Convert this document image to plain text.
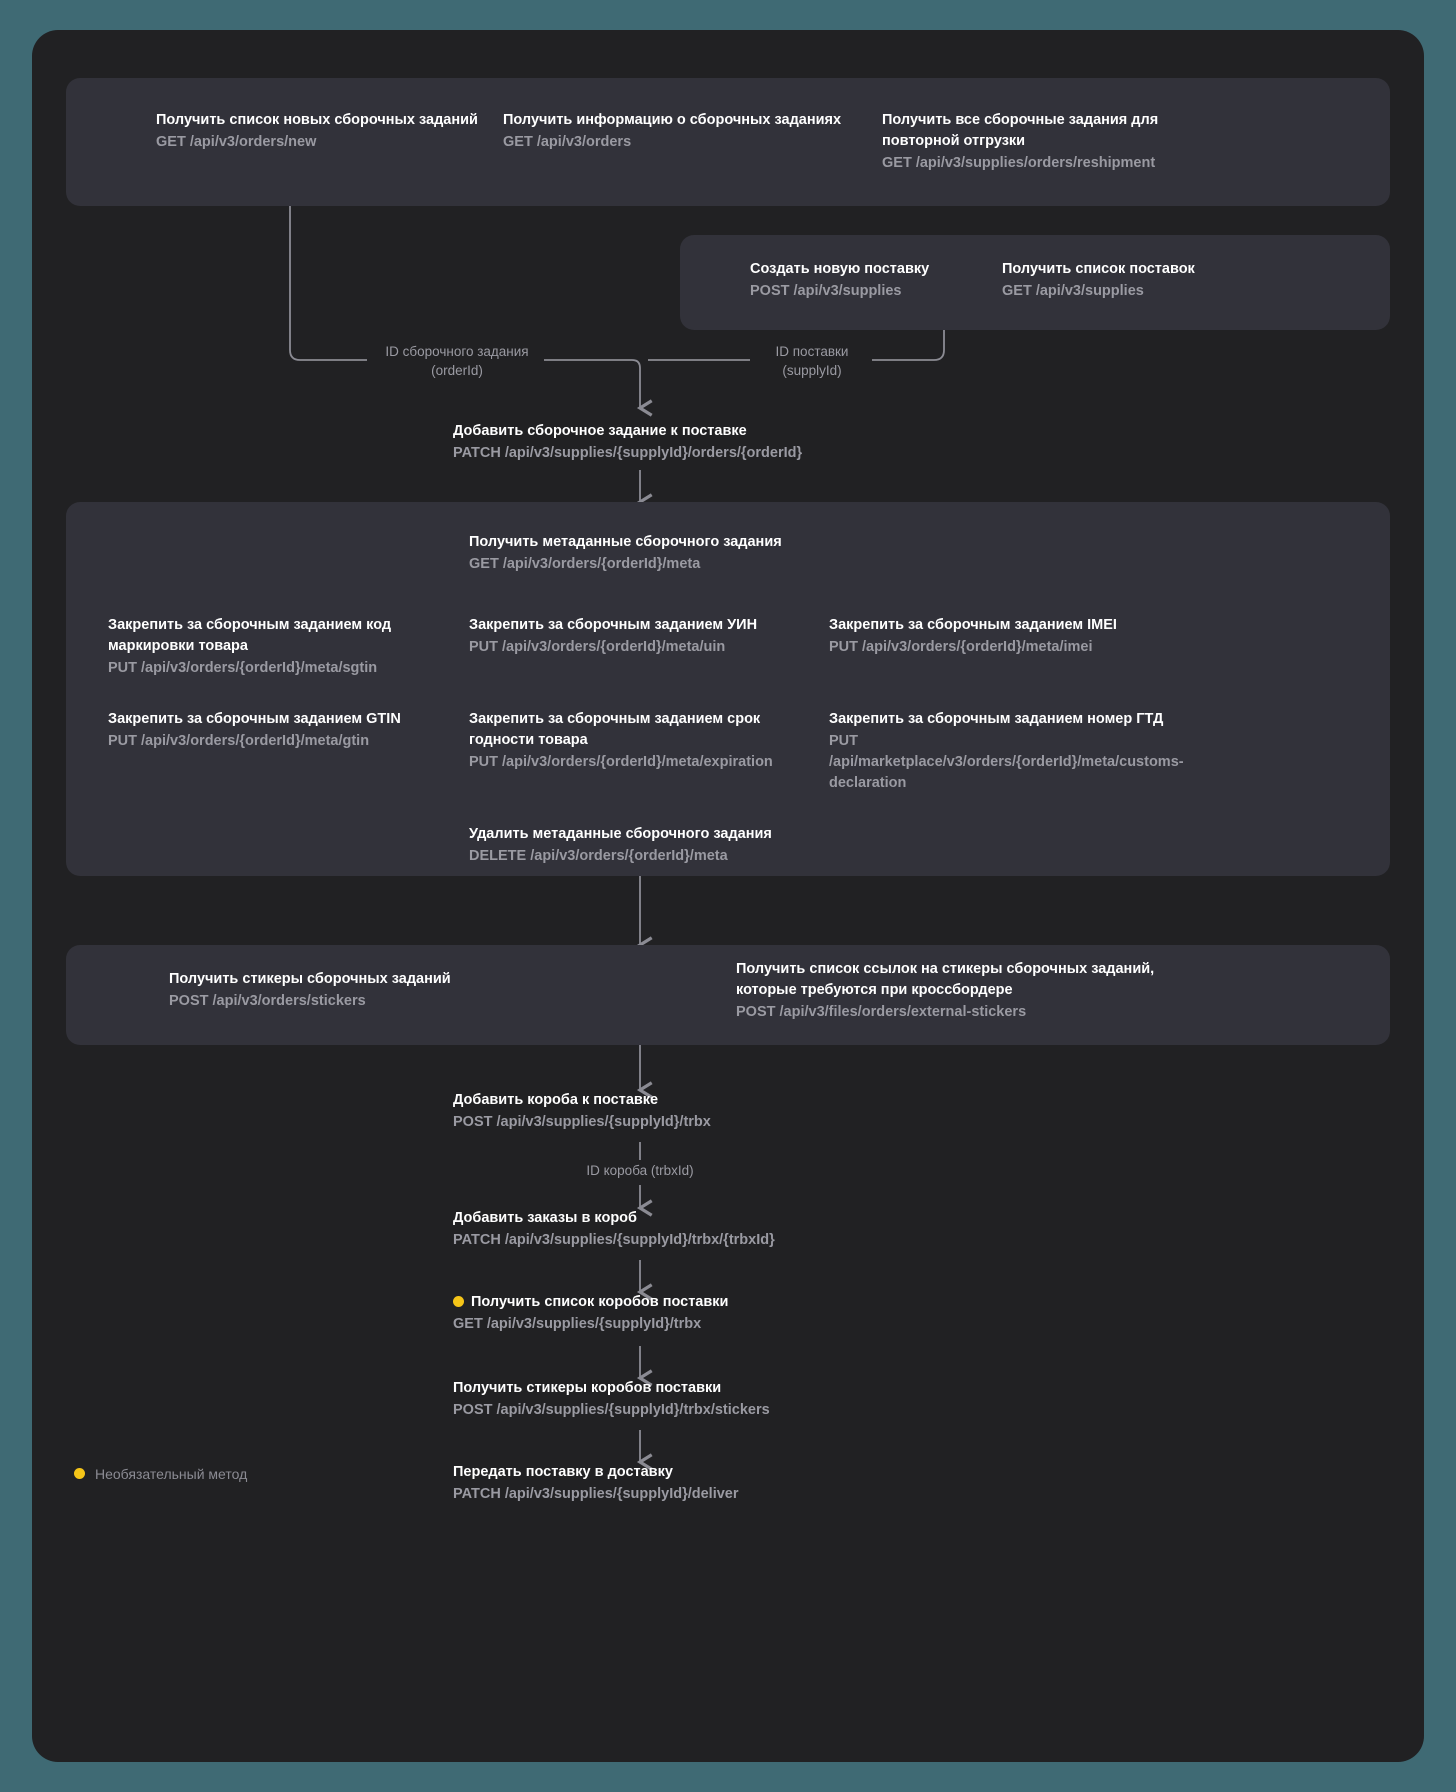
Получить список новых сборочных заданий

GET /api/v3/orders/new

Получить информацию о сборочных заданиях

GET /api/v3/orders

Получить все сборочные задания для повторной отгрузки

GET /api/v3/supplies/orders/reshipment

Создать новую поставку

POST /api/v3/supplies

Получить список поставок

GET /api/v3/supplies

ID сборочного задания
(orderId)
ID поставки
(supplyId)

Добавить сборочное задание к поставке

PATCH /api/v3/supplies/{supplyId}/orders/{orderId}

Получить метаданные сборочного задания

GET /api/v3/orders/{orderId}/meta

Закрепить за сборочным заданием код маркировки товара

PUT /api/v3/orders/{orderId}/meta/sgtin

Закрепить за сборочным заданием УИН

PUT /api/v3/orders/{orderId}/meta/uin

Закрепить за сборочным заданием IMEI

PUT /api/v3/orders/{orderId}/meta/imei

Закрепить за сборочным заданием GTIN

PUT /api/v3/orders/{orderId}/meta/gtin

Закрепить за сборочным заданием срок годности товара

PUT /api/v3/orders/{orderId}/meta/expiration

Закрепить за сборочным заданием номер ГТД

PUT /api/marketplace/v3/orders/{orderId}/meta/customs-declaration

Удалить метаданные сборочного задания

DELETE /api/v3/orders/{orderId}/meta

Получить стикеры сборочных заданий

POST /api/v3/orders/stickers

Получить список ссылок на стикеры сборочных заданий, которые требуются при кроссбордере

POST /api/v3/files/orders/external-stickers

Добавить короба к поставке

POST /api/v3/supplies/{supplyId}/trbx

ID короба (trbxId)

Добавить заказы в короб

PATCH /api/v3/supplies/{supplyId}/trbx/{trbxId}

Получить список коробов поставки

GET /api/v3/supplies/{supplyId}/trbx

Получить стикеры коробов поставки

POST /api/v3/supplies/{supplyId}/trbx/stickers

Передать поставку в доставку

PATCH /api/v3/supplies/{supplyId}/deliver

Необязательный метод
